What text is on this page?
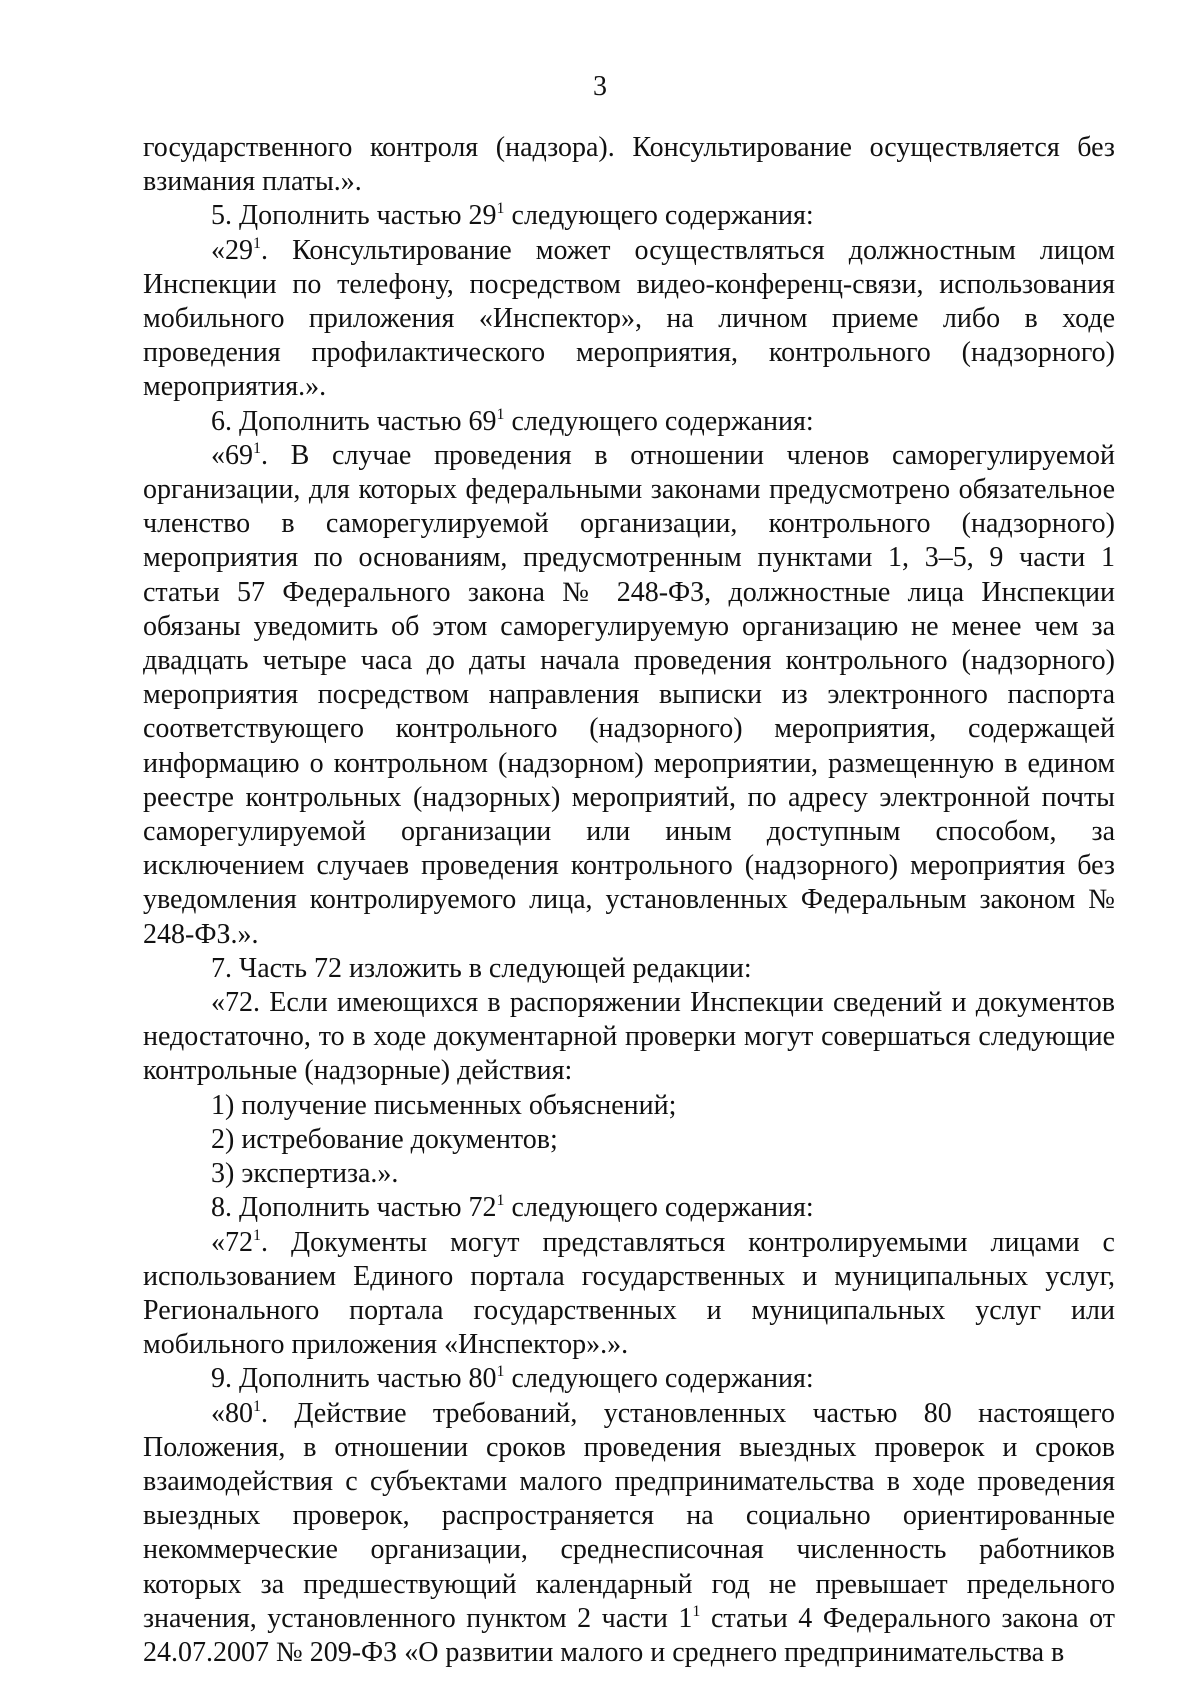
3

государственного контроля (надзора). Консультирование осуществляется без взимания платы.».

5. Дополнить частью $29^1$ следующего содержания:

«$29^1$. Консультирование может осуществляться должностным лицом Инспекции по телефону, посредством видео-конференц-связи, использования мобильного приложения «Инспектор», на личном приеме либо в ходе проведения профилактического мероприятия, контрольного (надзорного) мероприятия.».

6. Дополнить частью $69^1$ следующего содержания:

«$69^1$. В случае проведения в отношении членов саморегулируемой организации, для которых федеральными законами предусмотрено обязательное членство в саморегулируемой организации, контрольного (надзорного) мероприятия по основаниям, предусмотренным пунктами 1, 3–5, 9 части 1 статьи 57 Федерального закона № 248-ФЗ, должностные лица Инспекции обязаны уведомить об этом саморегулируемую организацию не менее чем за двадцать четыре часа до даты начала проведения контрольного (надзорного) мероприятия посредством направления выписки из электронного паспорта соответствующего контрольного (надзорного) мероприятия, содержащей информацию о контрольном (надзорном) мероприятии, размещенную в едином реестре контрольных (надзорных) мероприятий, по адресу электронной почты саморегулируемой организации или иным доступным способом, за исключением случаев проведения контрольного (надзорного) мероприятия без уведомления контролируемого лица, установленных Федеральным законом № 248-ФЗ.».

7. Часть 72 изложить в следующей редакции:

«72. Если имеющихся в распоряжении Инспекции сведений и документов недостаточно, то в ходе документарной проверки могут совершаться следующие контрольные (надзорные) действия:

1) получение письменных объяснений;

2) истребование документов;

3) экспертиза.».

8. Дополнить частью $72^1$ следующего содержания:

«$72^1$. Документы могут представляться контролируемыми лицами с использованием Единого портала государственных и муниципальных услуг, Регионального портала государственных и муниципальных услуг или мобильного приложения «Инспектор».».

9. Дополнить частью $80^1$ следующего содержания:

«$80^1$. Действие требований, установленных частью 80 настоящего Положения, в отношении сроков проведения выездных проверок и сроков взаимодействия с субъектами малого предпринимательства в ходе проведения выездных проверок, распространяется на социально ориентированные некоммерческие организации, среднесписочная численность работников которых за предшествующий календарный год не превышает предельного значения, установленного пунктом 2 части $1^1$ статьи 4 Федерального закона от 24.07.2007 № 209-ФЗ «О развитии малого и среднего предпринимательства в
